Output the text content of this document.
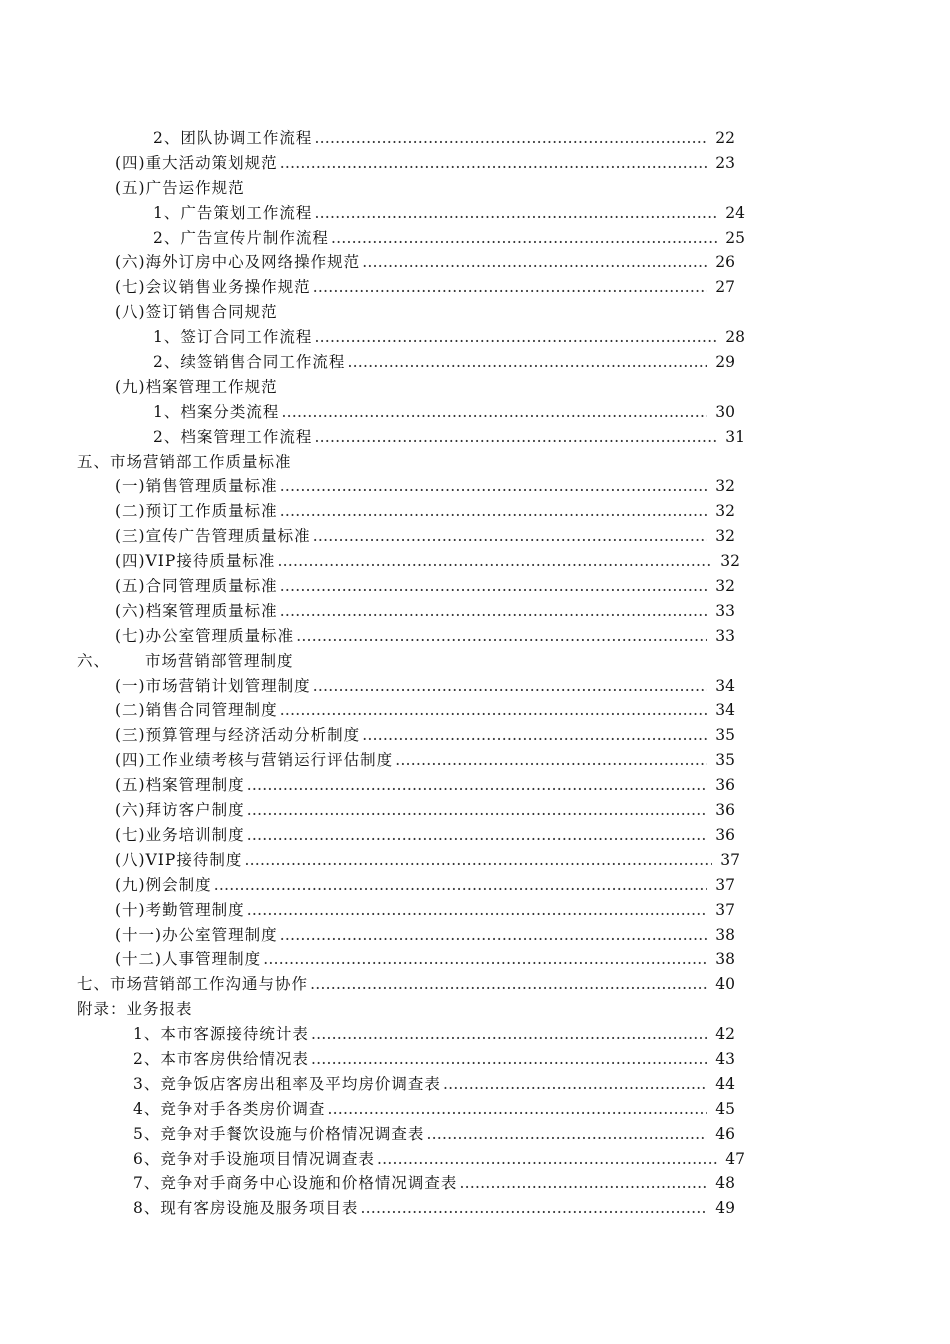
2、团队协调工作流程 …………………………………………………………………………………………………………………………………………	22
(四)重大活动策划规范 …………………………………………………………………………………………………………………………………………	23
(五)广告运作规范
1、广告策划工作流程 …………………………………………………………………………………………………………………………………………	24
2、广告宣传片制作流程 …………………………………………………………………………………………………………………………………………	25
(六)海外订房中心及网络操作规范 …………………………………………………………………………………………………………………………………………	26
(七)会议销售业务操作规范 …………………………………………………………………………………………………………………………………………	27
(八)签订销售合同规范
1、签订合同工作流程 …………………………………………………………………………………………………………………………………………	28
2、续签销售合同工作流程 …………………………………………………………………………………………………………………………………………	29
(九)档案管理工作规范
1、档案分类流程 …………………………………………………………………………………………………………………………………………	30
2、档案管理工作流程 …………………………………………………………………………………………………………………………………………	31
五、市场营销部工作质量标准
(一)销售管理质量标准 …………………………………………………………………………………………………………………………………………	32
(二)预订工作质量标准 …………………………………………………………………………………………………………………………………………	32
(三)宣传广告管理质量标准 …………………………………………………………………………………………………………………………………………	32
(四)VIP接待质量标准 …………………………………………………………………………………………………………………………………………	32
(五)合同管理质量标准 …………………………………………………………………………………………………………………………………………	32
(六)档案管理质量标准 …………………………………………………………………………………………………………………………………………	33
(七)办公室管理质量标准 …………………………………………………………………………………………………………………………………………	33
六、	市场营销部管理制度
(一)市场营销计划管理制度 …………………………………………………………………………………………………………………………………………	34
(二)销售合同管理制度 …………………………………………………………………………………………………………………………………………	34
(三)预算管理与经济活动分析制度 …………………………………………………………………………………………………………………………………………	35
(四)工作业绩考核与营销运行评估制度 …………………………………………………………………………………………………………………………………………	35
(五)档案管理制度 …………………………………………………………………………………………………………………………………………	36
(六)拜访客户制度 …………………………………………………………………………………………………………………………………………	36
(七)业务培训制度 …………………………………………………………………………………………………………………………………………	36
(八)VIP接待制度 …………………………………………………………………………………………………………………………………………	37
(九)例会制度 …………………………………………………………………………………………………………………………………………	37
(十)考勤管理制度 …………………………………………………………………………………………………………………………………………	37
(十一)办公室管理制度 …………………………………………………………………………………………………………………………………………	38
(十二)人事管理制度 …………………………………………………………………………………………………………………………………………	38
七、市场营销部工作沟通与协作 …………………………………………………………………………………………………………………………………………	40
附录：业务报表
1、本市客源接待统计表 …………………………………………………………………………………………………………………………………………	42
2、本市客房供给情况表 …………………………………………………………………………………………………………………………………………	43
3、竞争饭店客房出租率及平均房价调查表 …………………………………………………………………………………………………………………………………………	44
4、竞争对手各类房价调查 …………………………………………………………………………………………………………………………………………	45
5、竞争对手餐饮设施与价格情况调查表 …………………………………………………………………………………………………………………………………………	46
6、竞争对手设施项目情况调查表 …………………………………………………………………………………………………………………………………………	47
7、竞争对手商务中心设施和价格情况调查表 …………………………………………………………………………………………………………………………………………	48
8、现有客房设施及服务项目表 …………………………………………………………………………………………………………………………………………	49
